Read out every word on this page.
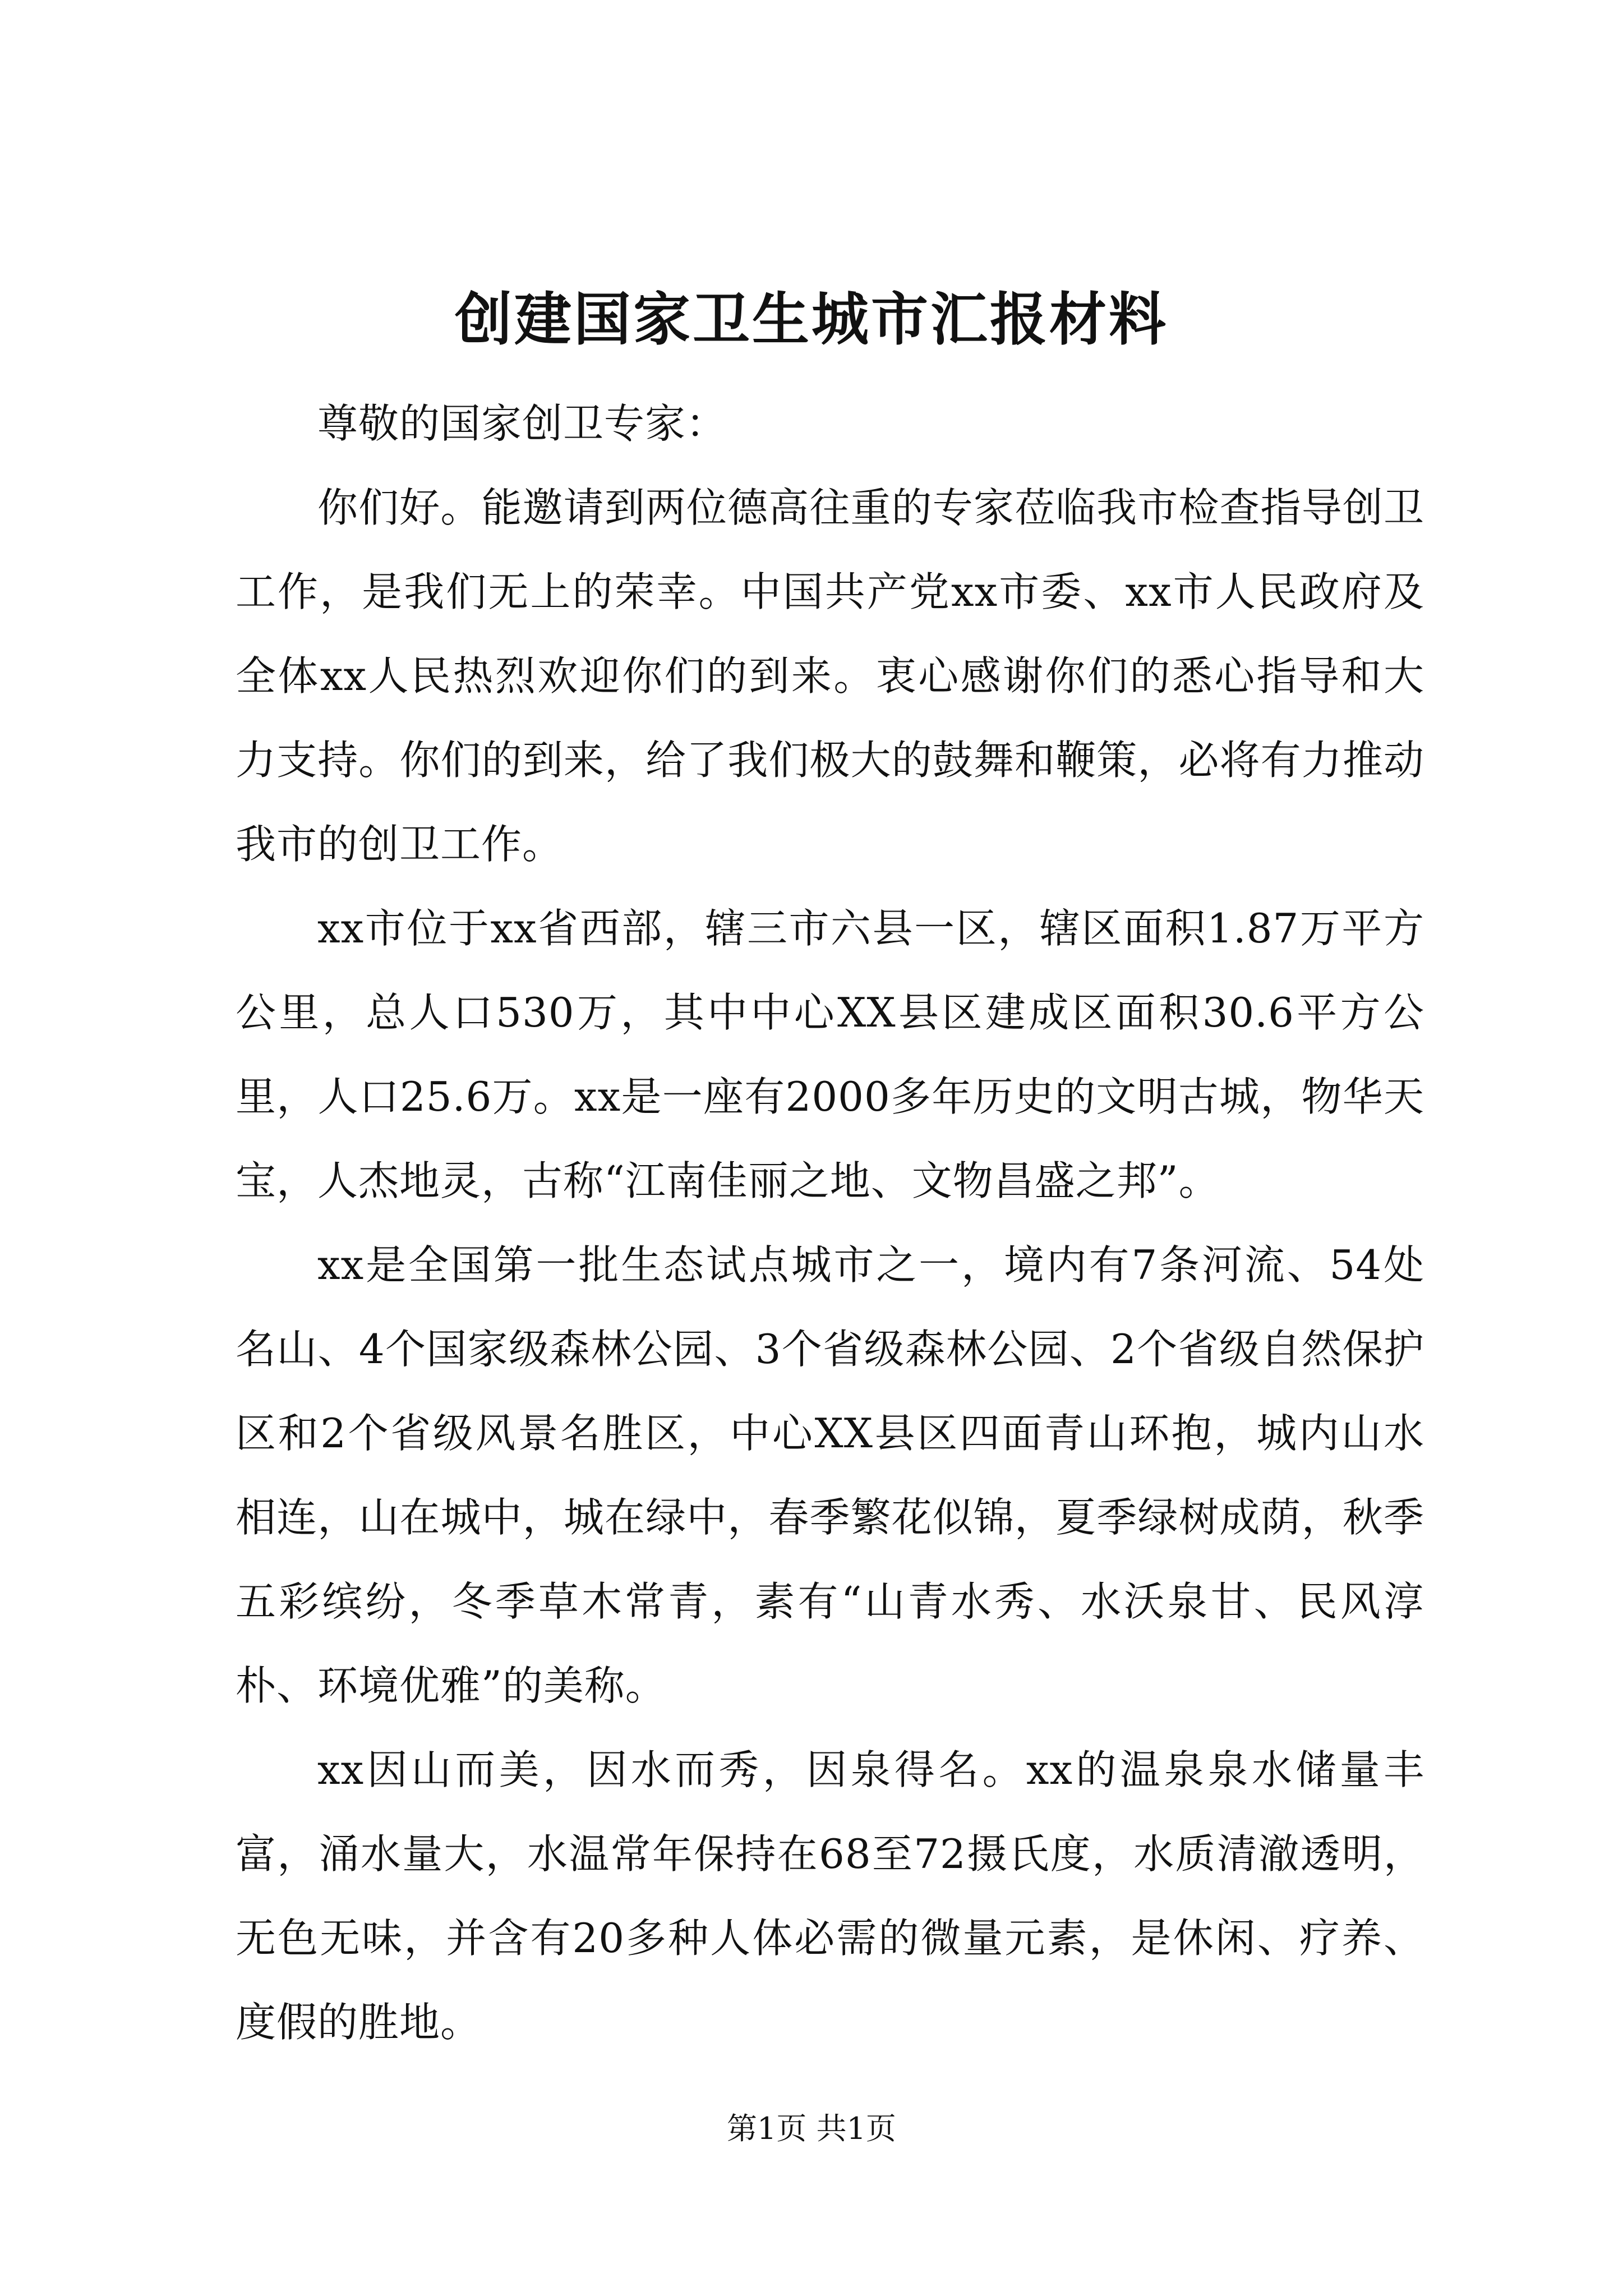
创建国家卫生城市汇报材料

尊敬的国家创卫专家：

你们好。能邀请到两位德高往重的专家莅临我市检查指导创卫工作，是我们无上的荣幸。中国共产党xx市委、xx市人民政府及全体xx人民热烈欢迎你们的到来。衷心感谢你们的悉心指导和大力支持。你们的到来，给了我们极大的鼓舞和鞭策，必将有力推动我市的创卫工作。

xx市位于xx省西部，辖三市六县一区，辖区面积1.87万平方公里，总人口530万，其中中心XX县区建成区面积30.6平方公里，人口25.6万。xx是一座有2000多年历史的文明古城，物华天宝，人杰地灵，古称“江南佳丽之地、文物昌盛之邦”。

xx是全国第一批生态试点城市之一，境内有7条河流、54处名山、4个国家级森林公园、3个省级森林公园、2个省级自然保护区和2个省级风景名胜区，中心XX县区四面青山环抱，城内山水相连，山在城中，城在绿中，春季繁花似锦，夏季绿树成荫，秋季五彩缤纷，冬季草木常青，素有“山青水秀、水沃泉甘、民风淳朴、环境优雅”的美称。

xx因山而美，因水而秀，因泉得名。xx的温泉泉水储量丰富，涌水量大，水温常年保持在68至72摄氏度，水质清澈透明，无色无味，并含有20多种人体必需的微量元素，是休闲、疗养、度假的胜地。

第1页 共1页
